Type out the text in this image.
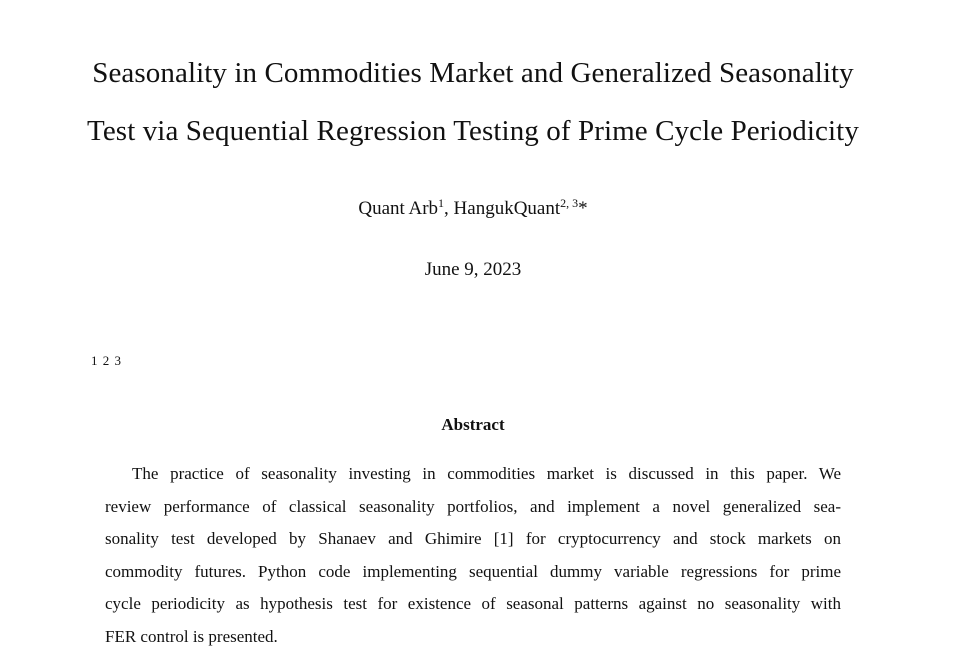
Seasonality in Commodities Market and Generalized Seasonality
Test via Sequential Regression Testing of Prime Cycle Periodicity
Quant Arb$^1$, HangukQuant$^{2, 3}$*
June 9, 2023
1 2 3
Abstract
The practice of seasonality investing in commodities market is discussed in this paper. We
review performance of classical seasonality portfolios, and implement a novel generalized sea-
sonality test developed by Shanaev and Ghimire [1] for cryptocurrency and stock markets on
commodity futures. Python code implementing sequential dummy variable regressions for prime
cycle periodicity as hypothesis test for existence of seasonal patterns against no seasonality with
FER control is presented.
